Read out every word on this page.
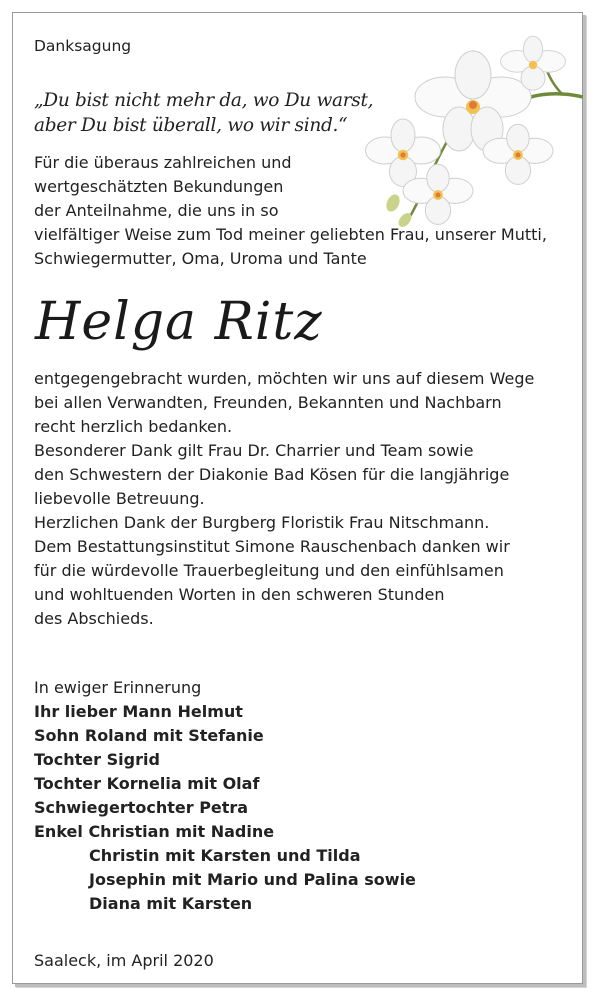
Danksagung

„Du bist nicht mehr da, wo Du warst,
aber Du bist überall, wo wir sind.“
Für die überaus zahlreichen und
wertgeschätzten Bekundungen
der Anteilnahme, die uns in so
vielfältiger Weise zum Tod meiner geliebten Frau, unserer Mutti,
Schwiegermutter, Oma, Uroma und Tante
Helga Ritz
entgegengebracht wurden, möchten wir uns auf diesem Wege
bei allen Verwandten, Freunden, Bekannten und Nachbarn
recht herzlich bedanken.
Besonderer Dank gilt Frau Dr. Charrier und Team sowie
den Schwestern der Diakonie Bad Kösen für die langjährige
liebevolle Betreuung.
Herzlichen Dank der Burgberg Floristik Frau Nitschmann.
Dem Bestattungsinstitut Simone Rauschenbach danken wir
für die würdevolle Trauerbegleitung und den einfühlsamen
und wohltuenden Worten in den schweren Stunden
des Abschieds.

In ewiger Erinnerung

Ihr lieber Mann Helmut
Sohn Roland mit Stefanie
Tochter Sigrid
Tochter Kornelia mit Olaf
Schwiegertochter Petra
Enkel Christian mit Nadine
Christin mit Karsten und Tilda
Josephin mit Mario und Palina sowie
Diana mit Karsten

Saaleck, im April 2020
